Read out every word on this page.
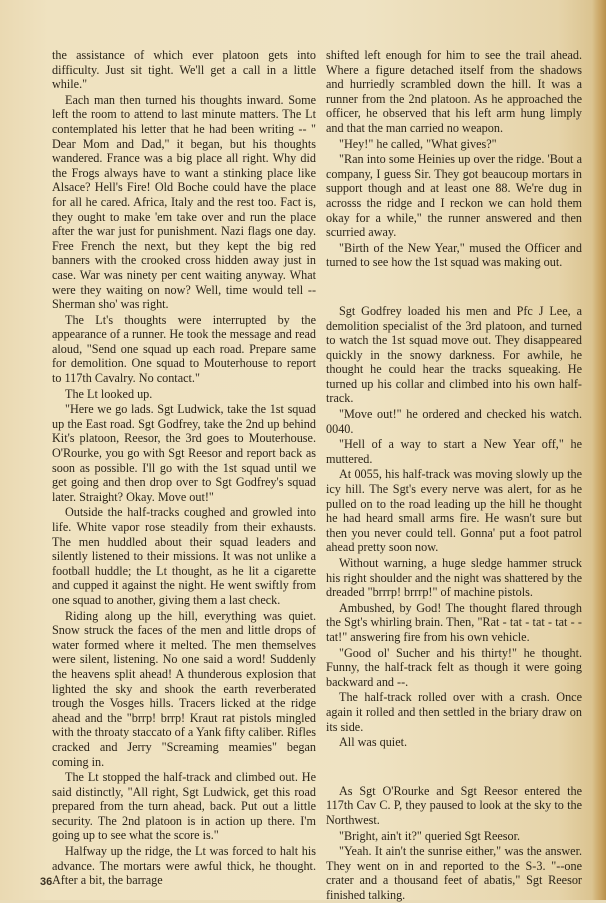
the assistance of which ever platoon gets into difficulty. Just sit tight. We'll get a call in a little while."

Each man then turned his thoughts inward. Some left the room to attend to last minute matters. The Lt contemplated his letter that he had been writing -- " Dear Mom and Dad," it began, but his thoughts wandered. France was a big place all right. Why did the Frogs always have to want a stinking place like Alsace? Hell's Fire! Old Boche could have the place for all he cared. Africa, Italy and the rest too. Fact is, they ought to make 'em take over and run the place after the war just for punishment. Nazi flags one day. Free French the next, but they kept the big red banners with the crooked cross hidden away just in case. War was ninety per cent waiting anyway. What were they waiting on now? Well, time would tell -- Sherman sho' was right.

The Lt's thoughts were interrupted by the appearance of a runner. He took the message and read aloud, "Send one squad up each road. Prepare same for demolition. One squad to Mouterhouse to report to 117th Cavalry. No contact."

The Lt looked up.

"Here we go lads. Sgt Ludwick, take the 1st squad up the East road. Sgt Godfrey, take the 2nd up behind Kit's platoon, Reesor, the 3rd goes to Mouterhouse. O'Rourke, you go with Sgt Reesor and report back as soon as possible. I'll go with the 1st squad until we get going and then drop over to Sgt Godfrey's squad later. Straight? Okay. Move out!"

Outside the half-tracks coughed and growled into life. White vapor rose steadily from their exhausts. The men huddled about their squad leaders and silently listened to their missions. It was not unlike a football huddle; the Lt thought, as he lit a cigarette and cupped it against the night. He went swiftly from one squad to another, giving them a last check.

Riding along up the hill, everything was quiet. Snow struck the faces of the men and little drops of water formed where it melted. The men themselves were silent, listening. No one said a word! Suddenly the heavens split ahead! A thunderous explosion that lighted the sky and shook the earth reverberated trough the Vosges hills. Tracers licked at the ridge ahead and the "brrp! brrp! Kraut rat pistols mingled with the throaty staccato of a Yank fifty caliber. Rifles cracked and Jerry "Screaming meamies" began coming in.

The Lt stopped the half-track and climbed out. He said distinctly, "All right, Sgt Ludwick, get this road prepared from the turn ahead, back. Put out a little security. The 2nd platoon is in action up there. I'm going up to see what the score is."

Halfway up the ridge, the Lt was forced to halt his advance. The mortars were awful thick, he thought. After a bit, the barrage

shifted left enough for him to see the trail ahead. Where a figure detached itself from the shadows and hurriedly scrambled down the hill. It was a runner from the 2nd platoon. As he approached the officer, he observed that his left arm hung limply and that the man carried no weapon.

"Hey!" he called, "What gives?"

"Ran into some Heinies up over the ridge. 'Bout a company, I guess Sir. They got beaucoup mortars in support though and at least one 88. We're dug in acrosss the ridge and I reckon we can hold them okay for a while," the runner answered and then scurried away.

"Birth of the New Year," mused the Officer and turned to see how the 1st squad was making out.

Sgt Godfrey loaded his men and Pfc J Lee, a demolition specialist of the 3rd platoon, and turned to watch the 1st squad move out. They disappeared quickly in the snowy darkness. For awhile, he thought he could hear the tracks squeaking. He turned up his collar and climbed into his own half-track.

"Move out!" he ordered and checked his watch. 0040.

"Hell of a way to start a New Year off," he muttered.

At 0055, his half-track was moving slowly up the icy hill. The Sgt's every nerve was alert, for as he pulled on to the road leading up the hill he thought he had heard small arms fire. He wasn't sure but then you never could tell. Gonna' put a foot patrol ahead pretty soon now.

Without warning, a huge sledge hammer struck his right shoulder and the night was shattered by the dreaded "brrrp! brrrp!" of machine pistols.

Ambushed, by God! The thought flared through the Sgt's whirling brain. Then, "Rat - tat - tat - tat - - tat!" answering fire from his own vehicle.

"Good ol' Sucher and his thirty!" he thought. Funny, the half-track felt as though it were going backward and --.

The half-track rolled over with a crash. Once again it rolled and then settled in the briary draw on its side.

All was quiet.

As Sgt O'Rourke and Sgt Reesor entered the 117th Cav C. P, they paused to look at the sky to the Northwest.

"Bright, ain't it?" queried Sgt Reesor.

"Yeah. It ain't the sunrise either," was the answer. They went on in and reported to the S-3. "--one crater and a thousand feet of abatis," Sgt Reesor finished talking.

36
